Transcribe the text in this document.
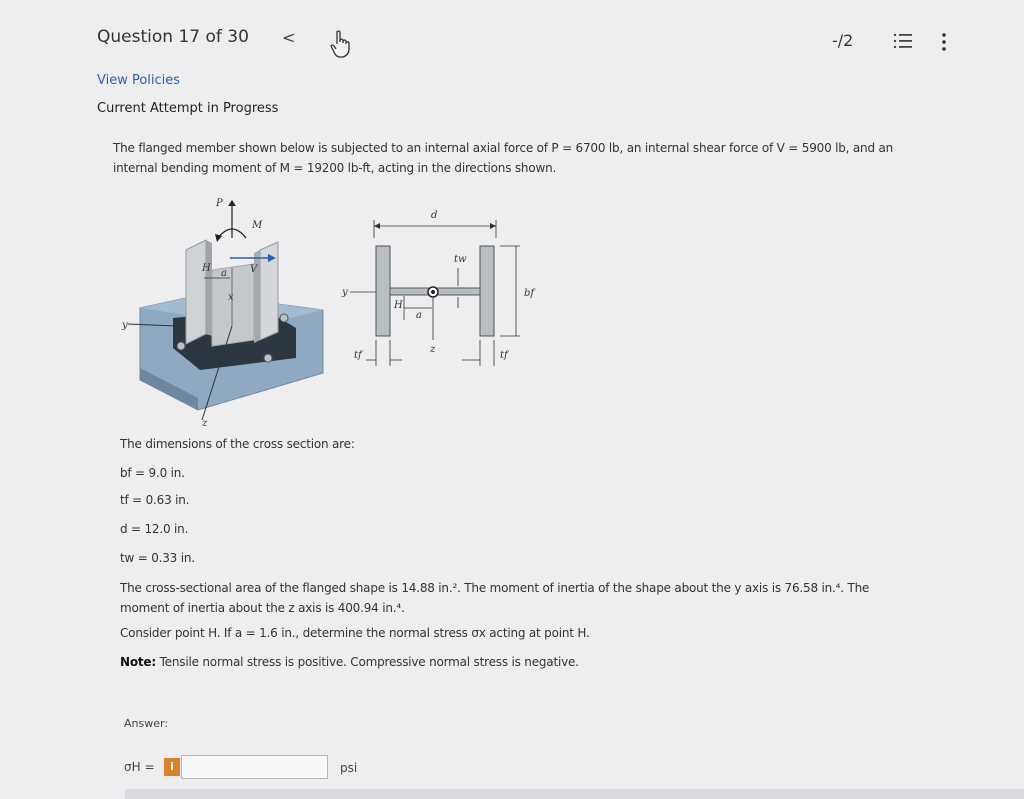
Question 17 of 30 <	-/2
View Policies
Current Attempt in Progress
The flanged member shown below is subjected to an internal axial force of P = 6700 lb, an internal shear force of V = 5900 lb, and an
internal bending moment of M = 19200 lb-ft, acting in the directions shown.
P
M
H a V
x
y
z
d
tw
y
H
a
bf
tf
z
tf
The dimensions of the cross section are:
bf = 9.0 in.
tf = 0.63 in.
d = 12.0 in.
tw = 0.33 in.
The cross-sectional area of the flanged shape is 14.88 in.². The moment of inertia of the shape about the y axis is 76.58 in.⁴. The
moment of inertia about the z axis is 400.94 in.⁴.
Consider point H. If a = 1.6 in., determine the normal stress σx acting at point H.
Note: Tensile normal stress is positive. Compressive normal stress is negative.
Answer:
σH =	i	psi
